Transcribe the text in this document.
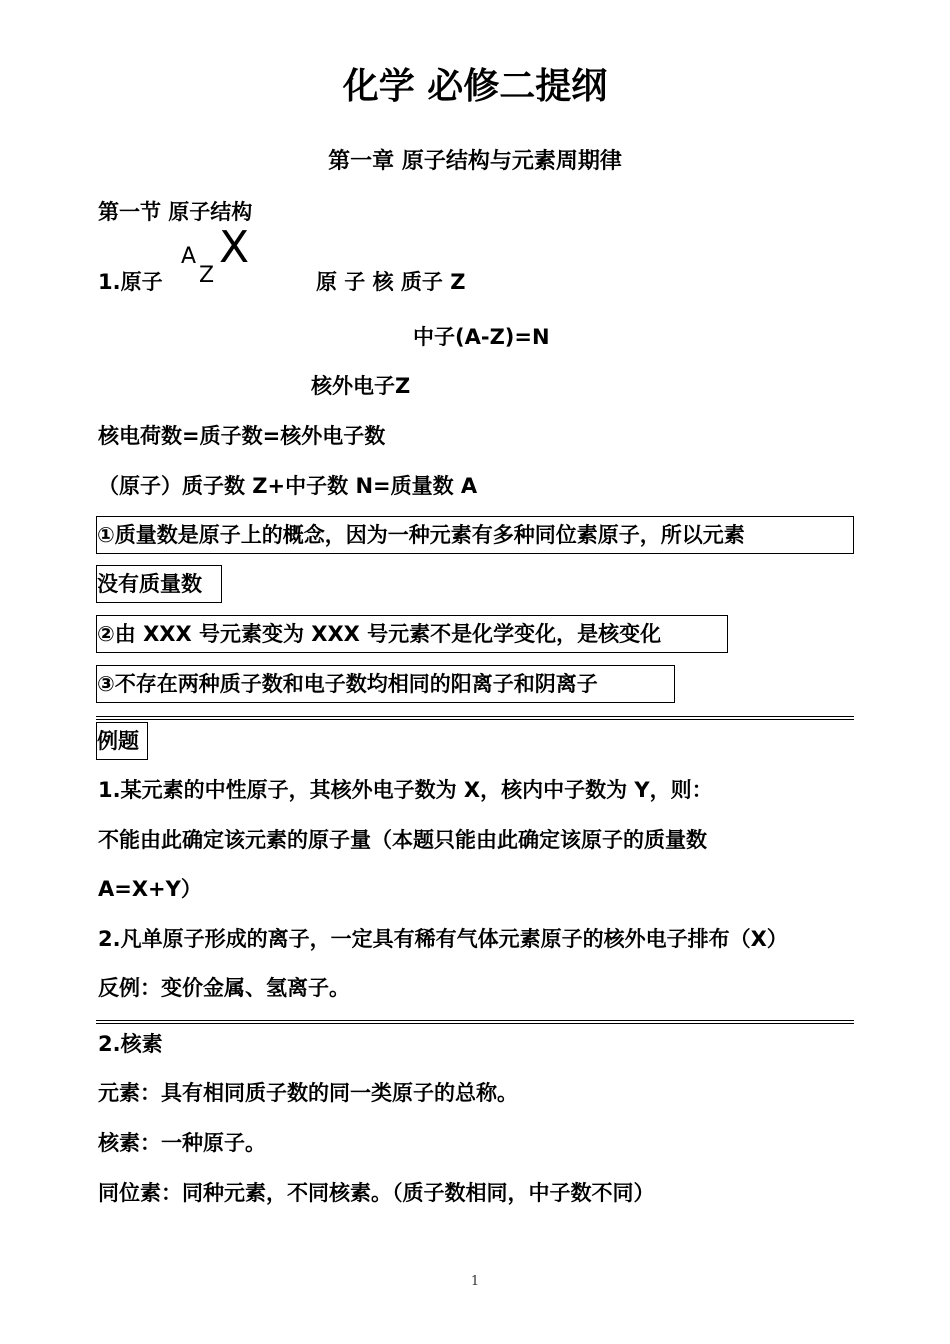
化学 必修二提纲
第一章 原子结构与元素周期律
第一节 原子结构
1.原子
A
Z
X
原 子 核 质子 Z
中子(A-Z)=N
核外电子Z
核电荷数=质子数=核外电子数
（原子）质子数 Z+中子数 N=质量数 A
①质量数是原子上的概念，因为一种元素有多种同位素原子，所以元素
没有质量数
②由 XXX 号元素变为 XXX 号元素不是化学变化，是核变化
③不存在两种质子数和电子数均相同的阳离子和阴离子
例题
1.某元素的中性原子，其核外电子数为 X，核内中子数为 Y，则：
不能由此确定该元素的原子量（本题只能由此确定该原子的质量数
A=X+Y）
2.凡单原子形成的离子，一定具有稀有气体元素原子的核外电子排布（X）
反例：变价金属、氢离子。
2.核素
元素：具有相同质子数的同一类原子的总称。
核素：一种原子。
同位素：同种元素，不同核素。（质子数相同，中子数不同）
1
